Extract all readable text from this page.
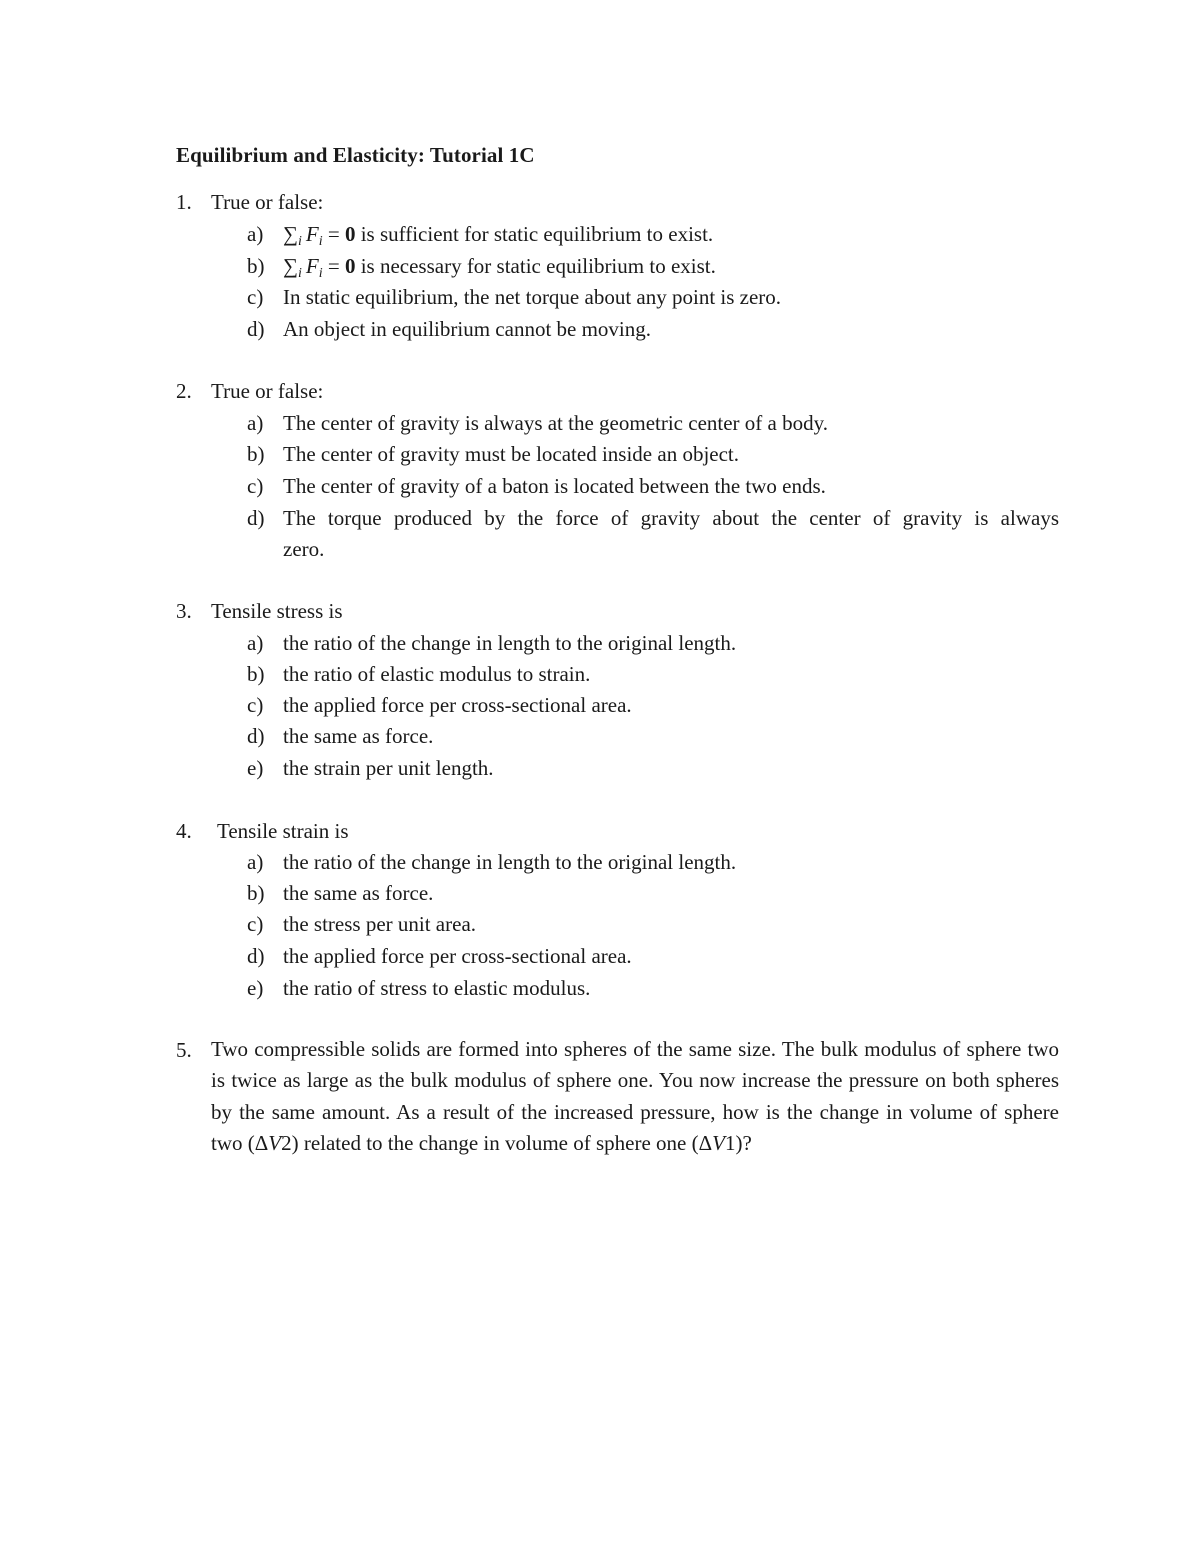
Equilibrium and Elasticity: Tutorial 1C
1. True or false:
a) ∑i Fi = 0 is sufficient for static equilibrium to exist.
b) ∑i Fi = 0 is necessary for static equilibrium to exist.
c) In static equilibrium, the net torque about any point is zero.
d) An object in equilibrium cannot be moving.
2. True or false:
a) The center of gravity is always at the geometric center of a body.
b) The center of gravity must be located inside an object.
c) The center of gravity of a baton is located between the two ends.
d) The torque produced by the force of gravity about the center of gravity is always
zero.
3. Tensile stress is
a) the ratio of the change in length to the original length.
b) the ratio of elastic modulus to strain.
c) the applied force per cross-sectional area.
d) the same as force.
e) the strain per unit length.
4.	Tensile strain is
a) the ratio of the change in length to the original length.
b) the same as force.
c) the stress per unit area.
d) the applied force per cross-sectional area.
e) the ratio of stress to elastic modulus.
5. Two compressible solids are formed into spheres of the same size. The bulk modulus of sphere two is twice as large as the bulk modulus of sphere one. You now increase the pressure on both spheres by the same amount. As a result of the increased pressure, how is the change in volume of sphere two (ΔV2) related to the change in volume of sphere one (ΔV1)?
